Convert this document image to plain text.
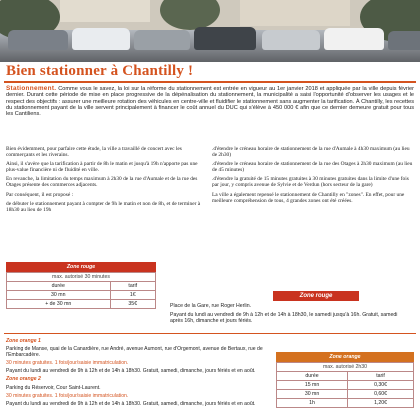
Bien stationner à Chantilly !
Stationnement. Comme vous le savez, la loi sur la réforme du stationnement est entrée en vigueur au 1er janvier 2018 et appliquée par la ville depuis février dernier. Durant cette période de mise en place progressive de la dépénalisation du stationnement, la municipalité a saisi l'opportunité d'observer les usages et le respect des objectifs : assurer une meilleure rotation des véhicules en centre-ville et fluidifier le stationnement sans augmenter la tarification. À Chantilly, les recettes du stationnement payant de la ville servent principalement à financer le coût annuel du DUC qui s'élève à 450 000 € afin que ce dernier demeure gratuit pour tous les Cantiliens.

Bien évidemment, pour parfaire cette étude, la ville a travaillé de concert avec les commerçants et les riverains.

Ainsi, il s'avère que la tarification à partir de 8h le matin et jusqu'à 19h n'apporte pas une plus-value financière ni de fluidité en ville.

En revanche, la limitation du temps maximum à 2h30 de la rue d'Aumale et de la rue des Otages présente des commerces adjacents.

Par conséquent, il est proposé :

de débuter le stationnement payant à compter de 9h le matin et non de 8h, et de terminer à 18h30 au lieu de 19h

.d'étendre le créneau horaire de stationnement de la rue d'Aumale à 4h30 maximum (au lieu de 2h30)

.d'étendre le créneau horaire de stationnement de la rue des Otages à 2h30 maximum (au lieu de 45 minutes)

.d'étendre la gratuité de 15 minutes gratuites à 30 minutes gratuites dans la limite d'une fois par jour, y compris avenue de Sylvie et de Verdun (hors secteur de la gare)

La ville a également repensé le stationnement de Chantilly en "zones". En effet, pour une meilleure compréhension de tous, 4 grandes zones ont été créées.

Zone rouge
max. autorisé 30 minutes	
durée	tarif
30 mn	1€
+ de 30 mn	35€
Zone rouge

Place de la Gare, rue Roger Herlin.

Payant du lundi au vendredi de 9h à 12h et de 14h à 18h30, le samedi jusqu'à 16h. Gratuit, samedi après 16h, dimanche et jours fériés.

Zone orange 1

Parking de Manse, quai de la Canardière, rue André, avenue Aumont, rue d'Orgemont, avenue de Bertaux, rue de l'Embarcadère.

30 minutes gratuites. 1 fois/jour/saisie immatriculation.

Payant du lundi au vendredi de 9h à 12h et de 14h à 18h30. Gratuit, samedi, dimanche, jours fériés et en août.

Zone orange 2

Parking du Réservoir, Cour Saint-Laurent.

30 minutes gratuites. 1 fois/jour/saisie immatriculation.

Payant du lundi au vendredi de 9h à 12h et de 14h à 18h30. Gratuit, samedi, dimanche, jours fériés et en août.

Zone orange
max. autorisé 2h30	
durée	tarif
15 mn	0,30€
30 mn	0,60€
1h	1,20€
